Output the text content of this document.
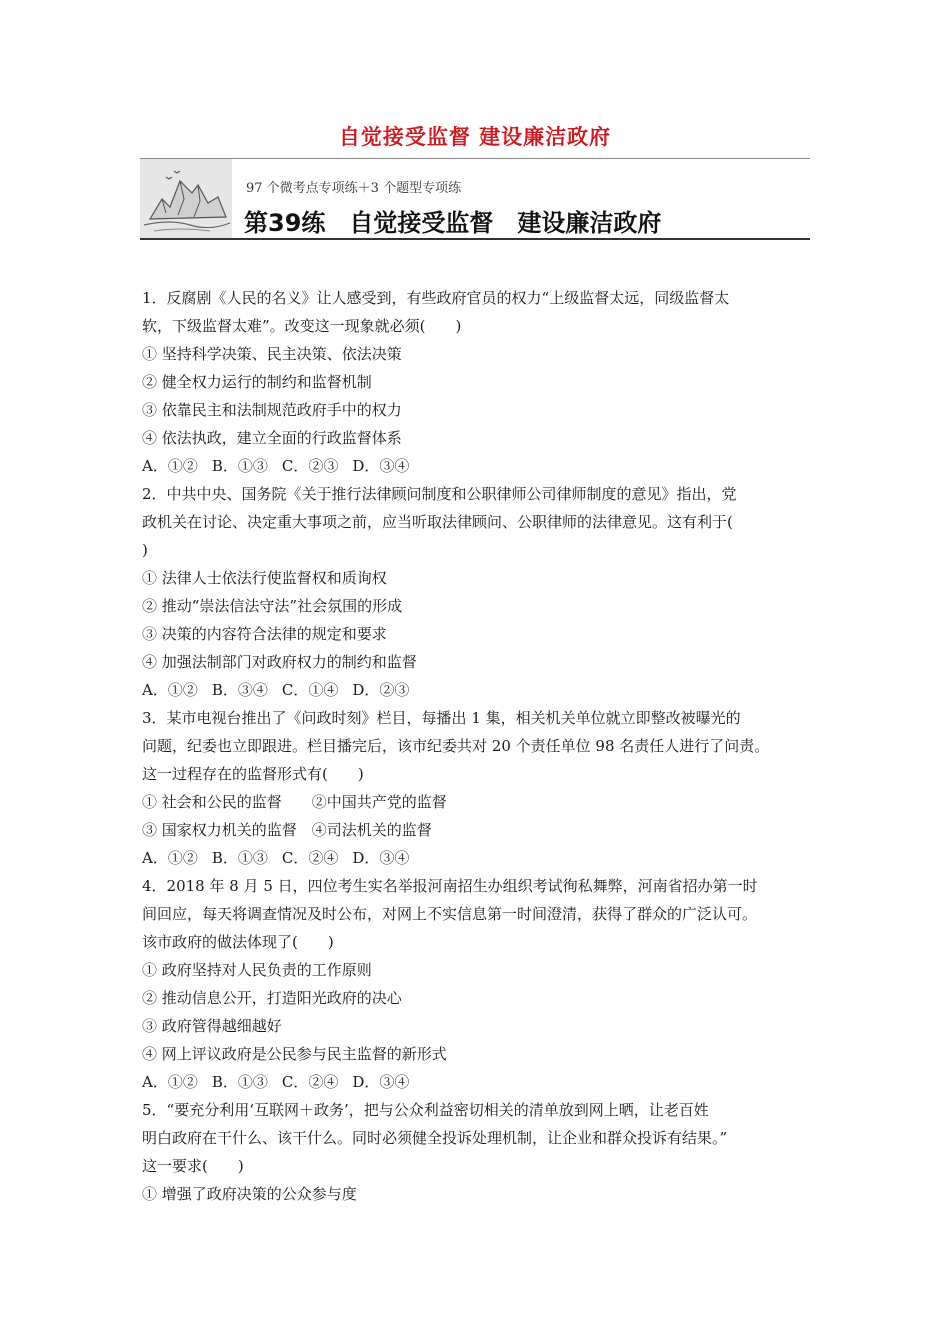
自觉接受监督 建设廉洁政府
97 个微考点专项练＋3 个题型专项练
第39练 自觉接受监督　建设廉洁政府

1．反腐剧《人民的名义》让人感受到，有些政府官员的权力“上级监督太远，同级监督太

软，下级监督太难”。改变这一现象就必须(　　)

① 坚持科学决策、民主决策、依法决策

② 健全权力运行的制约和监督机制

③ 依靠民主和法制规范政府手中的权力

④ 依法执政，建立全面的行政监督体系

A．①② B．①③ C．②③ D．③④

2．中共中央、国务院《关于推行法律顾问制度和公职律师公司律师制度的意见》指出，党

政机关在讨论、决定重大事项之前，应当听取法律顾问、公职律师的法律意见。这有利于(

)

① 法律人士依法行使监督权和质询权

② 推动“崇法信法守法”社会氛围的形成

③ 决策的内容符合法律的规定和要求

④ 加强法制部门对政府权力的制约和监督

A．①② B．③④ C．①④ D．②③

3．某市电视台推出了《问政时刻》栏目，每播出 1 集，相关机关单位就立即整改被曝光的

问题，纪委也立即跟进。栏目播完后，该市纪委共对 20 个责任单位 98 名责任人进行了问责。

这一过程存在的监督形式有(　　)

① 社会和公民的监督　　②中国共产党的监督

③ 国家权力机关的监督　④司法机关的监督

A．①② B．①③ C．②④ D．③④

4．2018 年 8 月 5 日，四位考生实名举报河南招生办组织考试徇私舞弊，河南省招办第一时

间回应，每天将调查情况及时公布，对网上不实信息第一时间澄清，获得了群众的广泛认可。

该市政府的做法体现了(　　)

① 政府坚持对人民负责的工作原则

② 推动信息公开，打造阳光政府的决心

③ 政府管得越细越好

④ 网上评议政府是公民参与民主监督的新形式

A．①② B．①③ C．②④ D．③④

5．“要充分利用‘互联网＋政务’，把与公众利益密切相关的清单放到网上晒，让老百姓

明白政府在干什么、该干什么。同时必须健全投诉处理机制，让企业和群众投诉有结果。”

这一要求(　　)

① 增强了政府决策的公众参与度
